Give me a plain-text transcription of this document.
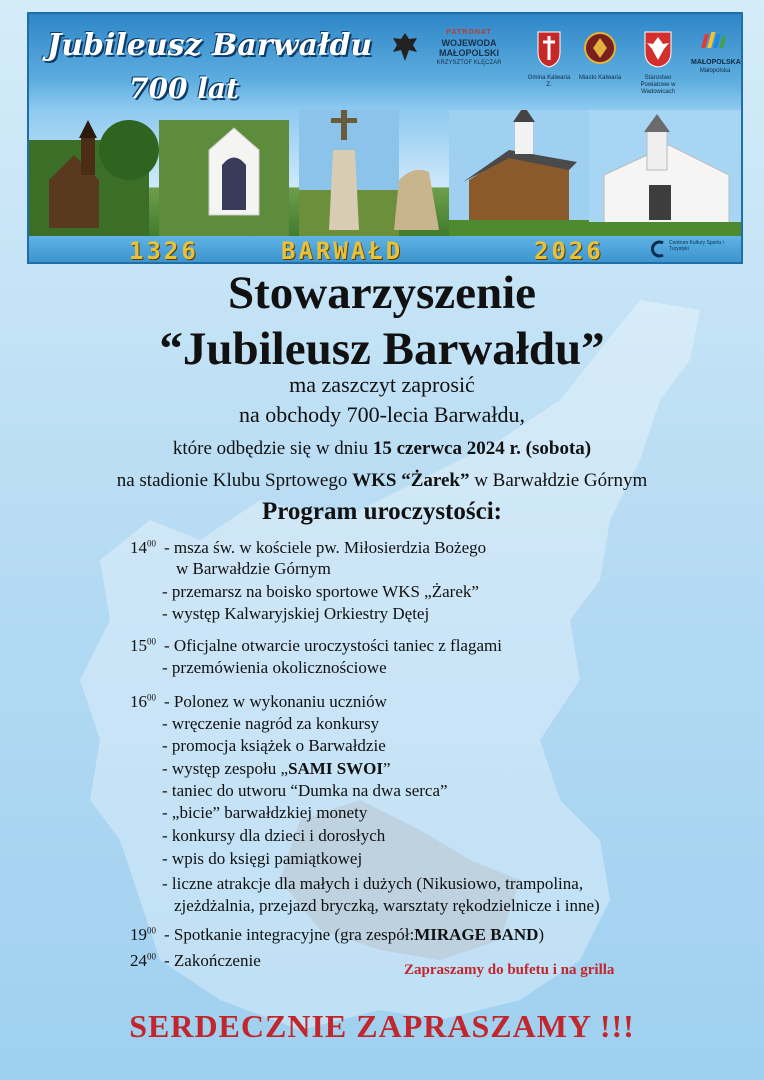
Jubileusz Barwałdu
700 lat
PATRONAT
WOJEWODA
MAŁOPOLSKI
KRZYSZTOF KLĘCZAR
Gmina Kalwaria Z.
Miasto Kalwaria	Starostwo Powiatowe w Wadowicach
MAŁOPOLSKA
Małopolska
1326	BARWAŁD	2026	Centrum Kultury Sportu i Turystyki
Stowarzyszenie
“Jubileusz Barwałdu”
ma zaszczyt zaprosić
na obchody 700-lecia Barwałdu,
które odbędzie się w dniu 15 czerwca 2024 r. (sobota)
na stadionie Klubu Sprtowego WKS “Żarek” w Barwałdzie Górnym
Program uroczystości:
$14^{00}$ - msza św. w kościele pw. Miłosierdzia Bożego
w Barwałdzie Górnym
- przemarsz na boisko sportowe WKS „Żarek”
- występ Kalwaryjskiej Orkiestry Dętej
$15^{00}$ - Oficjalne otwarcie uroczystości taniec z flagami
- przemówienia okolicznościowe
$16^{00}$ - Polonez w wykonaniu uczniów
- wręczenie nagród za konkursy
- promocja książek o Barwałdzie
- występ zespołu „SAMI SWOI”
- taniec do utworu “Dumka na dwa serca”
- „bicie” barwałdzkiej monety
- konkursy dla dzieci i dorosłych
- wpis do księgi pamiątkowej
- liczne atrakcje dla małych i dużych (Nikusiowo, trampolina,
zjeżdżalnia, przejazd bryczką, warsztaty rękodzielnicze i inne)
$19^{00}$ - Spotkanie integracyjne (gra zespół:MIRAGE BAND)
$24^{00}$ - Zakończenie	Zapraszamy do bufetu i na grilla
SERDECZNIE ZAPRASZAMY !!!
